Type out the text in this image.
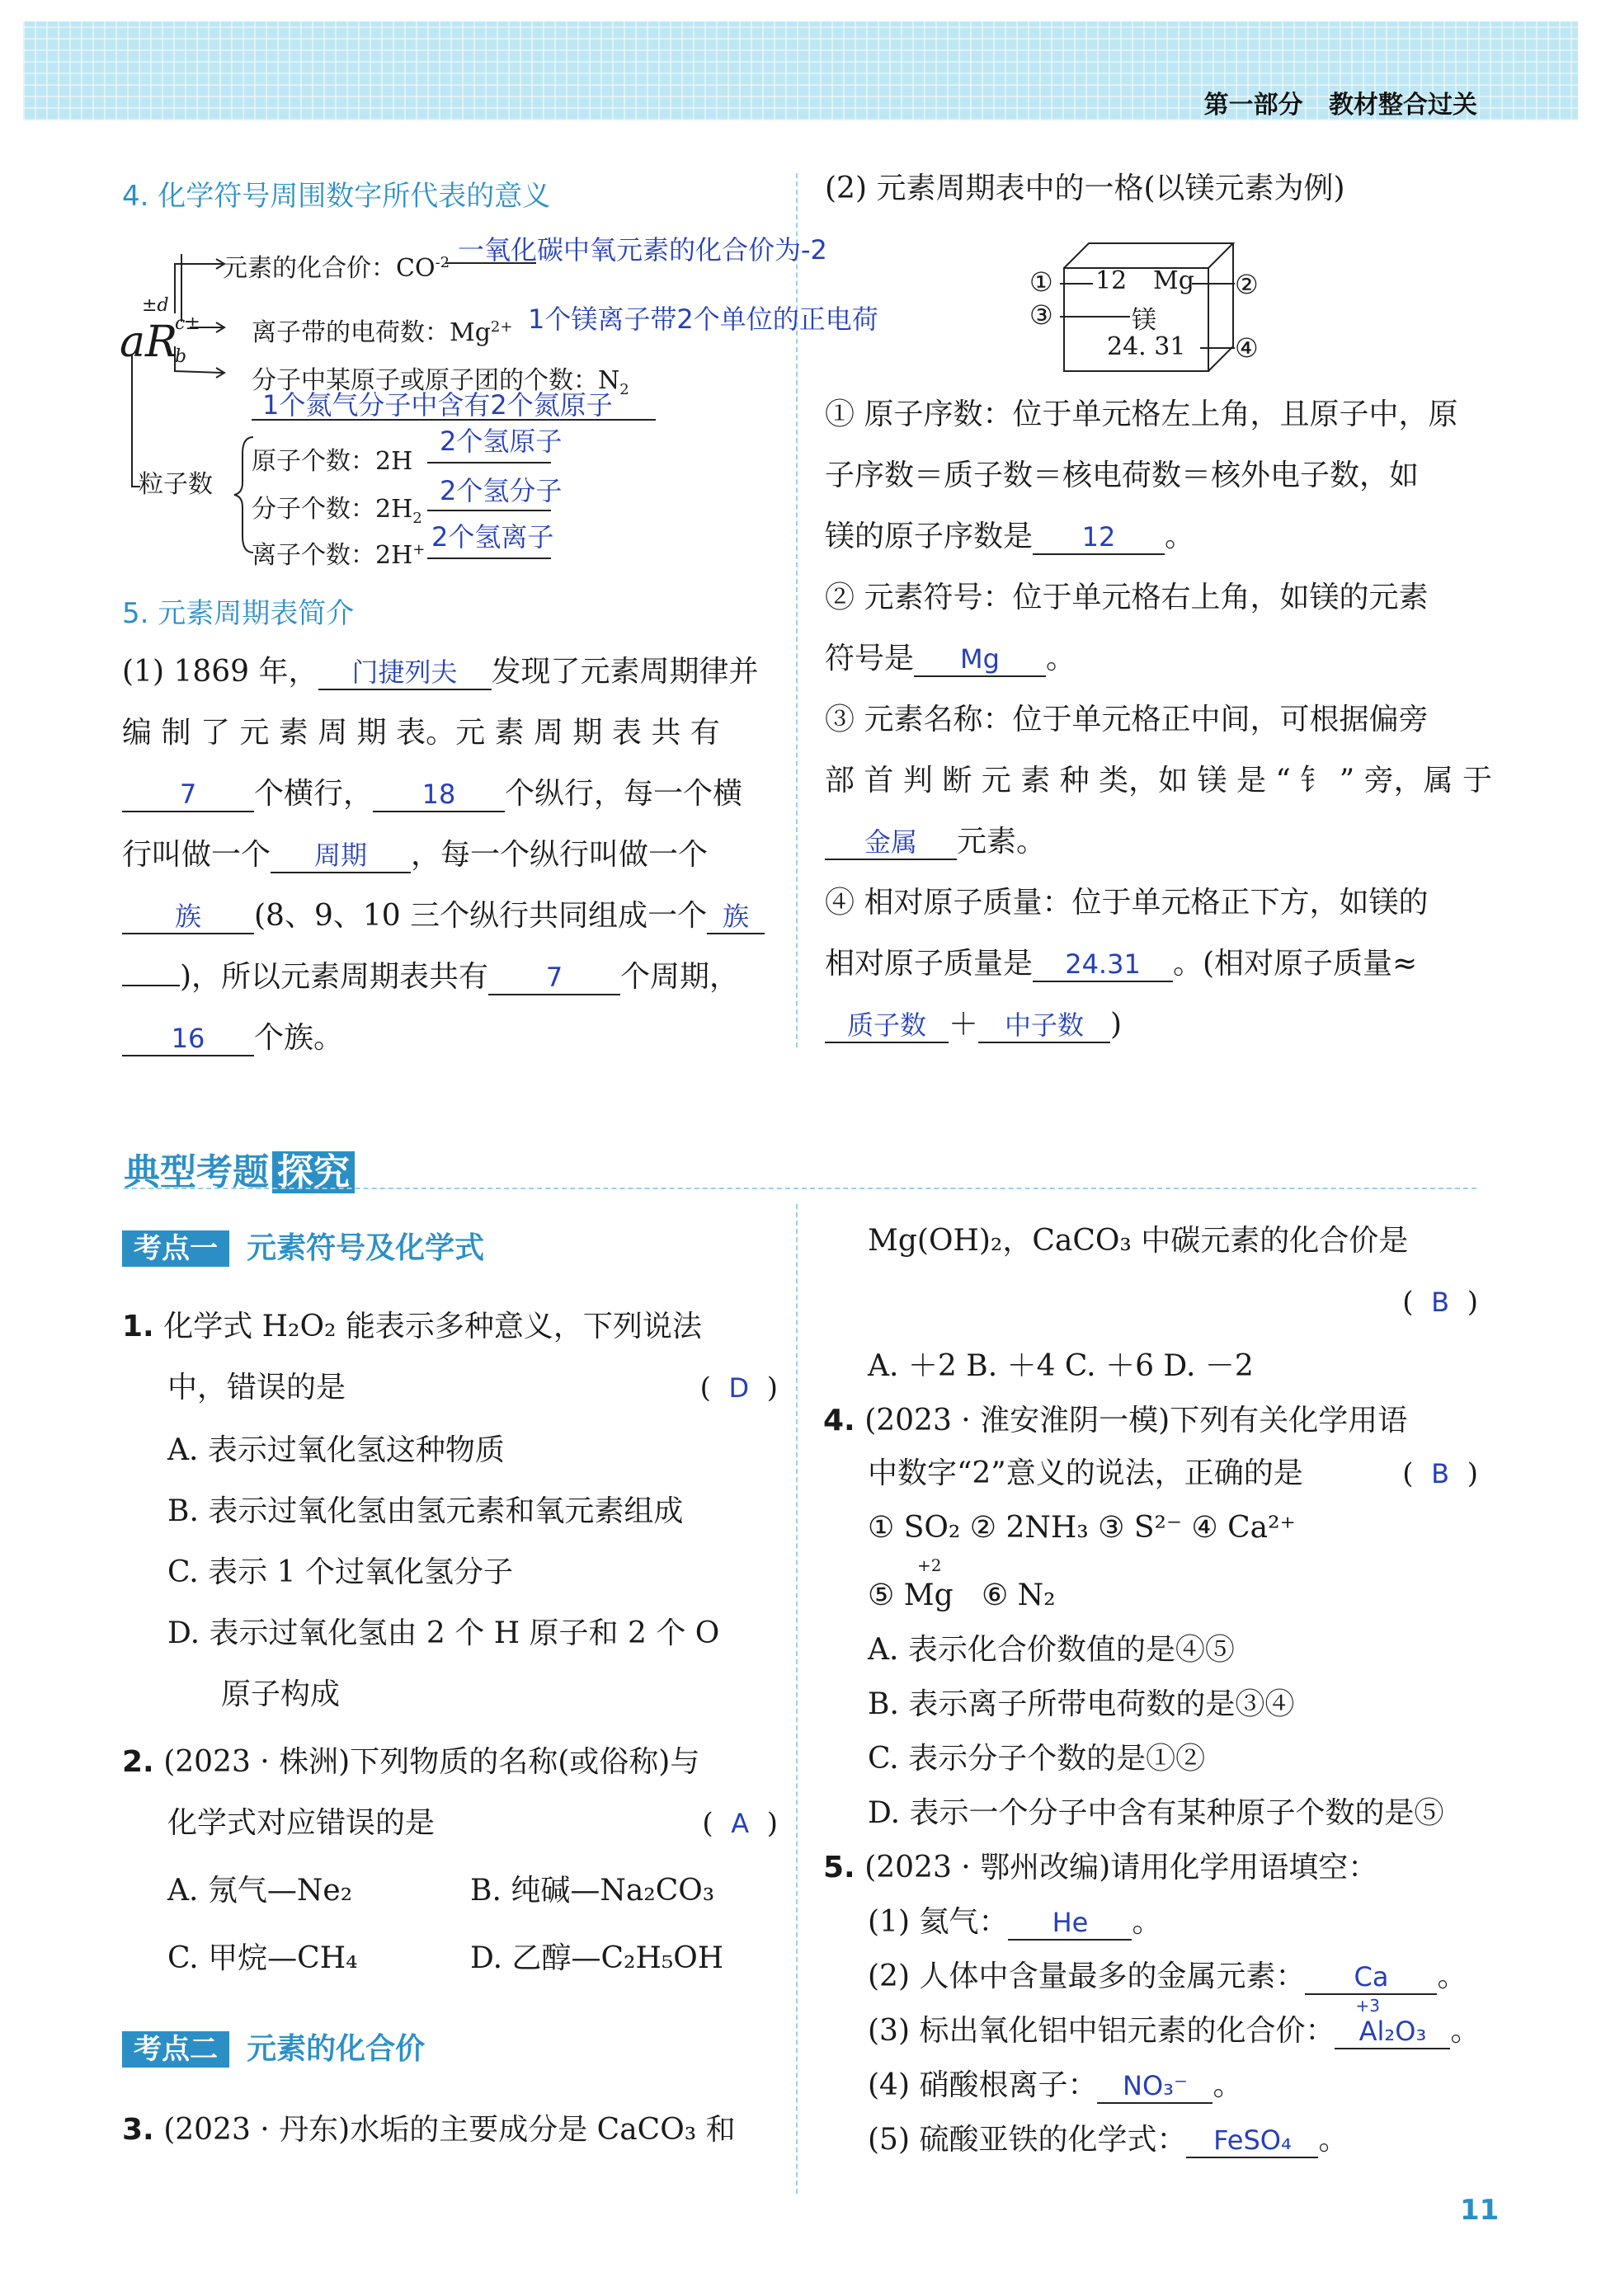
第一部分 教材整合过关
4. 化学符号周围数字所代表的意义
aR
±d
c±
b
元素的化合价：$CO^{-2}$ 一氧化碳中氧元素的化合价为-2
离子带的电荷数：$Mg^{2+}$ 1个镁离子带2个单位的正电荷
分子中某原子或原子团的个数：$N_2$
1个氮气分子中含有2个氮原子
粒子数
原子个数：2H
2个氢原子
分子个数：$2H_2$
2个氢分子
离子个数：2H+ 2个氢离子
5. 元素周期表简介
(1) 1869 年， 门捷列夫 发现了元素周期律并
编 制 了 元 素 周 期 表。元 素 周 期 表 共 有
7 个横行， 18 个纵行，每一个横
行叫做一个 周期 ，每一个纵行叫做一个
族 (8、9、10 三个纵行共同组成一个 族
)，所以元素周期表共有 7 个周期，
16 个族。
(2) 元素周期表中的一格(以镁元素为例)
12 Mg
镁
24. 31
①	②
③
④
① 原子序数：位于单元格左上角，且原子中，原
子序数＝质子数＝核电荷数＝核外电子数，如
镁的原子序数是 12 。
② 元素符号：位于单元格右上角，如镁的元素
符号是 Mg 。
③ 元素名称：位于单元格正中间，可根据偏旁
部 首 判 断 元 素 种 类，如 镁 是 “ 钅 ” 旁，属 于
金属 元素。
④ 相对原子质量：位于单元格正下方，如镁的
相对原子质量是 24.31 。(相对原子质量≈
质子数 ＋ 中子数 )
典型考题 探究
考点一 元素符号及化学式
1. 化学式 H₂O₂ 能表示多种意义，下列说法
中，错误的是	(  D  )
A. 表示过氧化氢这种物质
B. 表示过氧化氢由氢元素和氧元素组成
C. 表示 1 个过氧化氢分子
D. 表示过氧化氢由 2 个 H 原子和 2 个 O
原子构成
2. (2023 · 株洲)下列物质的名称(或俗称)与
化学式对应错误的是	(  A  )
A. 氖气—Ne₂	B. 纯碱—Na₂CO₃
C. 甲烷—CH₄	D. 乙醇—C₂H₅OH
考点二 元素的化合价
3. (2023 · 丹东)水垢的主要成分是 CaCO₃ 和
Mg(OH)₂，CaCO₃ 中碳元素的化合价是
(  B  )
A. ＋2 B. ＋4 C. ＋6 D. －2
4. (2023 · 淮安淮阴一模)下列有关化学用语
中数字“2”意义的说法，正确的是	(  B  )
① SO₂ ② 2NH₃ ③ S²⁻ ④ Ca²⁺
⑤ Mg
+2
⑥ N₂
A. 表示化合价数值的是④⑤
B. 表示离子所带电荷数的是③④
C. 表示分子个数的是①②
D. 表示一个分子中含有某种原子个数的是⑤
5. (2023 · 鄂州改编)请用化学用语填空：
(1) 氦气： He 。
(2) 人体中含量最多的金属元素： Ca 。
(3) 标出氧化铝中铝元素的化合价：
+3
Al₂O₃ 。
(4) 硝酸根离子： NO₃⁻ 。
(5) 硫酸亚铁的化学式： FeSO₄ 。
11
